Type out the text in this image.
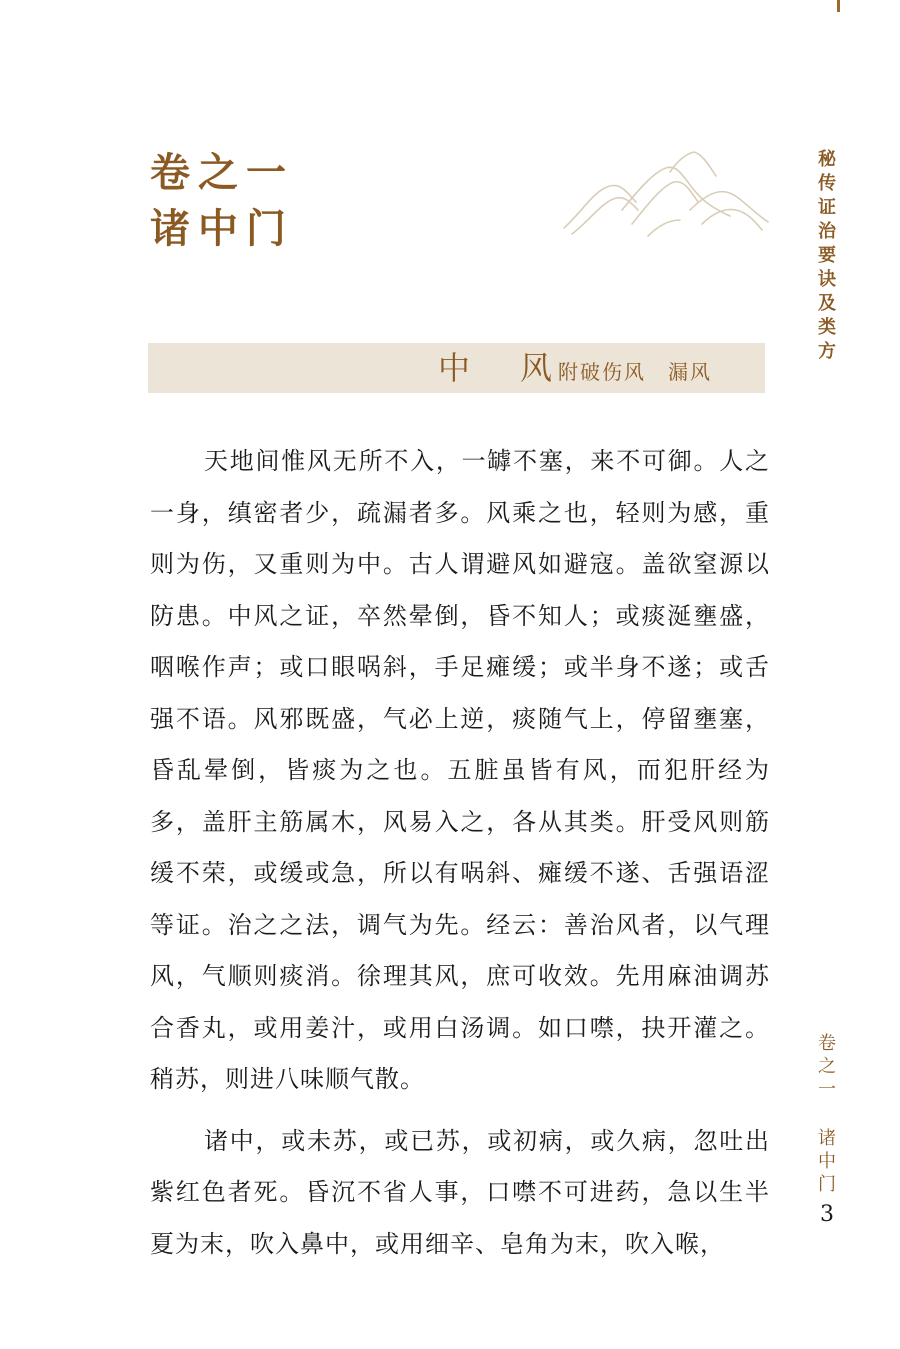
卷之一
诸中门
秘传证治要诀及类方
卷之一
诸中门
3
中 风 附破伤风　漏风

天地间惟风无所不入，一罅不塞，来不可御。人之一身，缜密者少，疏漏者多。风乘之也，轻则为感，重则为伤，又重则为中。古人谓避风如避寇。盖欲窒源以防患。中风之证，卒然晕倒，昏不知人；或痰涎壅盛，咽喉作声；或口眼㖞斜，手足瘫缓；或半身不遂；或舌强不语。风邪既盛，气必上逆，痰随气上，停留壅塞，昏乱晕倒，皆痰为之也。五脏虽皆有风，而犯肝经为多，盖肝主筋属木，风易入之，各从其类。肝受风则筋缓不荣，或缓或急，所以有㖞斜、瘫缓不遂、舌强语涩等证。治之之法，调气为先。经云：善治风者，以气理风，气顺则痰消。徐理其风，庶可收效。先用麻油调苏合香丸，或用姜汁，或用白汤调。如口噤，抉开灌之。稍苏，则进八味顺气散。

诸中，或未苏，或已苏，或初病，或久病，忽吐出紫红色者死。昏沉不省人事，口噤不可进药，急以生半夏为末，吹入鼻中，或用细辛、皂角为末，吹入喉，
